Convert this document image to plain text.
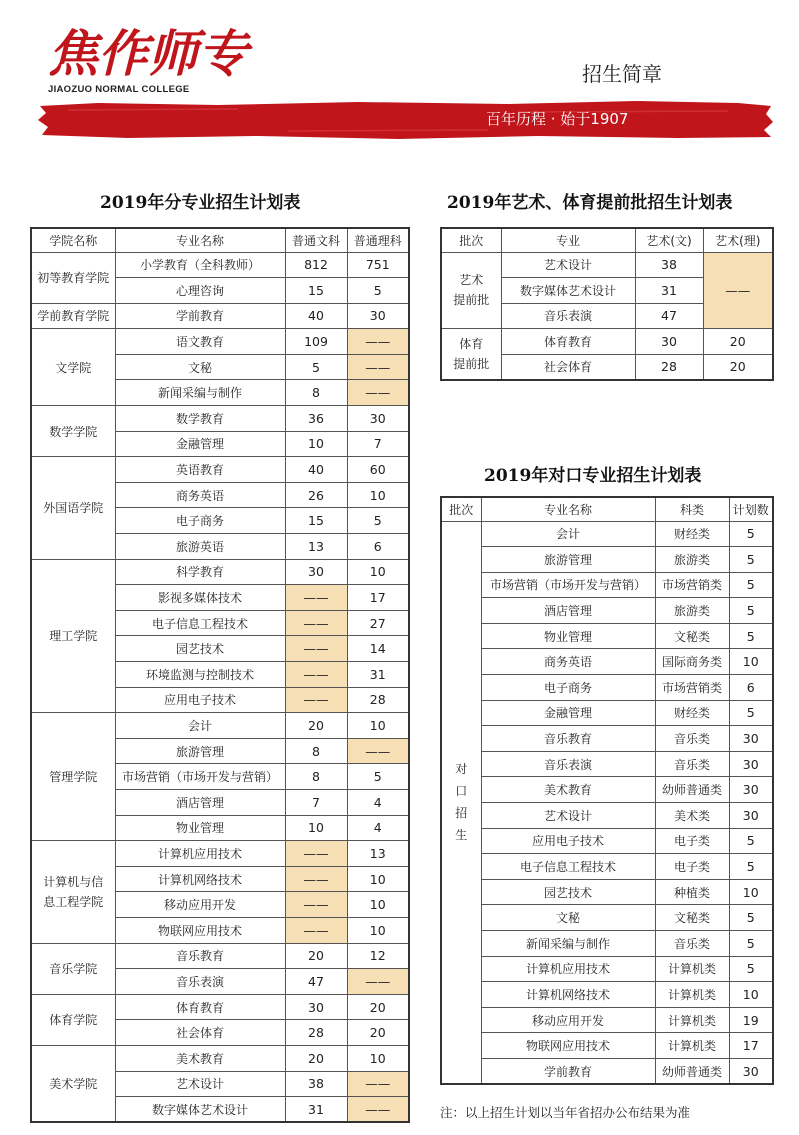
焦作师专
JIAOZUO NORMAL COLLEGE
招生简章
百年历程 · 始于1907
2019年分专业招生计划表	2019年艺术、体育提前批招生计划表
2019年对口专业招生计划表
学院名称	专业名称	普通文科	普通理科
初等教育学院	小学教育（全科教师）	812	751
	心理咨询	15	5
学前教育学院	学前教育	40	30
文学院	语文教育	109	——
	文秘	5	——
	新闻采编与制作	8	——
数学学院	数学教育	36	30
	金融管理	10	7
外国语学院	英语教育	40	60
	商务英语	26	10
	电子商务	15	5
	旅游英语	13	6
理工学院	科学教育	30	10
	影视多媒体技术	——	17
	电子信息工程技术	——	27
	园艺技术	——	14
	环境监测与控制技术	——	31
	应用电子技术	——	28
管理学院	会计	20	10
	旅游管理	8	——
	市场营销（市场开发与营销）	8	5
	酒店管理	7	4
	物业管理	10	4

计算机与信
息工程学院	计算机应用技术	——	13
	计算机网络技术	——	10
	移动应用开发	——	10
	物联网应用技术	——	10
音乐学院	音乐教育	20	12
	音乐表演	47	——
体育学院	体育教育	30	20
	社会体育	28	20
美术学院	美术教育	20	10
	艺术设计	38	——
	数字媒体艺术设计	31	——
批次	专业	艺术(文)	艺术(理)

艺术
提前批	艺术设计	38	——
	数字媒体艺术设计	31	
	音乐表演	47	

体育
提前批	体育教育	30	20
	社会体育	28	20
批次	专业名称	科类	计划数

对
口
招
生	会计	财经类	5
	旅游管理	旅游类	5
	市场营销（市场开发与营销）	市场营销类	5
	酒店管理	旅游类	5
	物业管理	文秘类	5
	商务英语	国际商务类	10
	电子商务	市场营销类	6
	金融管理	财经类	5
	音乐教育	音乐类	30
	音乐表演	音乐类	30
	美术教育	幼师普通类	30
	艺术设计	美术类	30
	应用电子技术	电子类	5
	电子信息工程技术	电子类	5
	园艺技术	种植类	10
	文秘	文秘类	5
	新闻采编与制作	音乐类	5
	计算机应用技术	计算机类	5
	计算机网络技术	计算机类	10
	移动应用开发	计算机类	19
	物联网应用技术	计算机类	17
	学前教育	幼师普通类	30
注：以上招生计划以当年省招办公布结果为准
